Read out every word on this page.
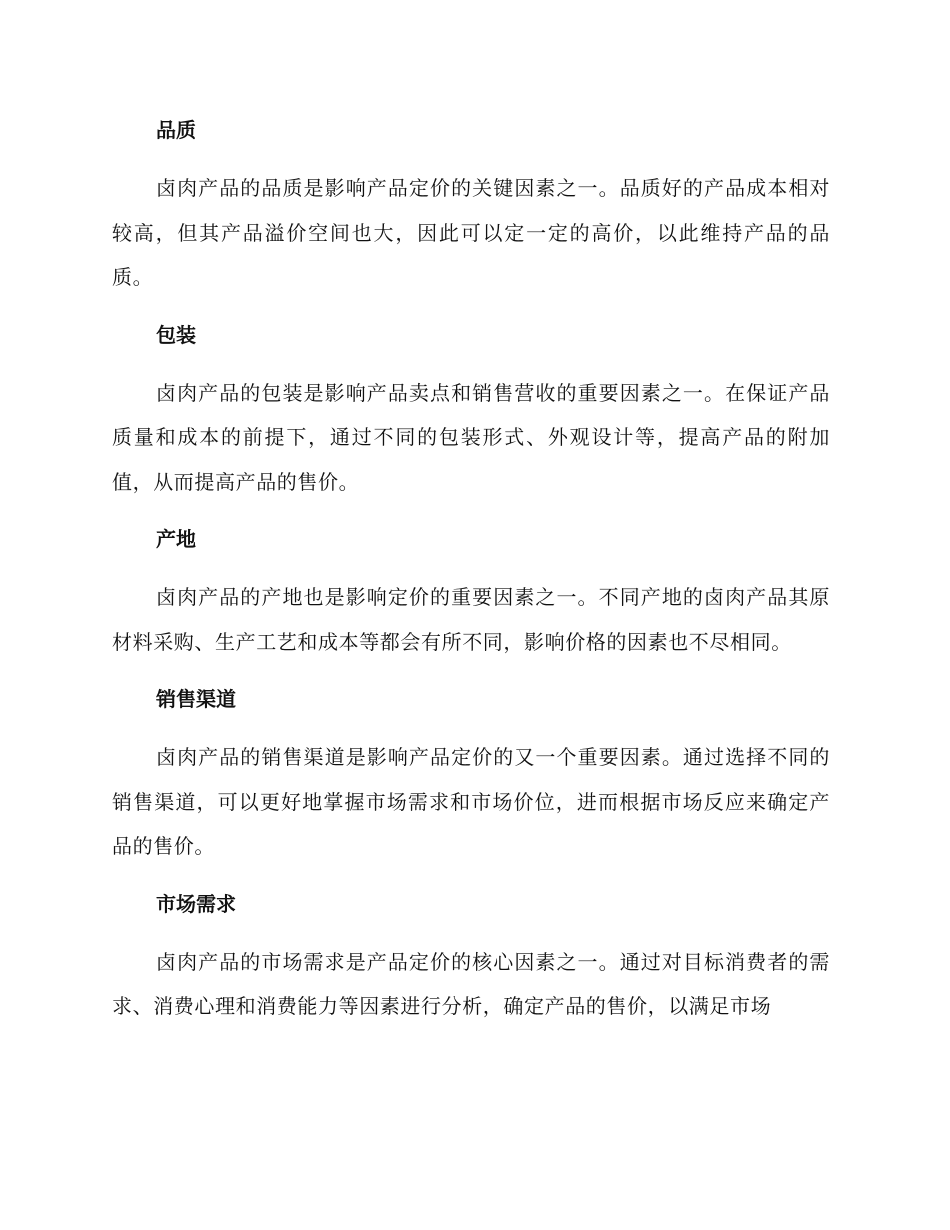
品质

卤肉产品的品质是影响产品定价的关键因素之一。品质好的产品成本相对较高，但其产品溢价空间也大，因此可以定一定的高价，以此维持产品的品质。

包装

卤肉产品的包装是影响产品卖点和销售营收的重要因素之一。在保证产品质量和成本的前提下，通过不同的包装形式、外观设计等，提高产品的附加值，从而提高产品的售价。

产地

卤肉产品的产地也是影响定价的重要因素之一。不同产地的卤肉产品其原材料采购、生产工艺和成本等都会有所不同，影响价格的因素也不尽相同。

销售渠道

卤肉产品的销售渠道是影响产品定价的又一个重要因素。通过选择不同的销售渠道，可以更好地掌握市场需求和市场价位，进而根据市场反应来确定产品的售价。

市场需求

卤肉产品的市场需求是产品定价的核心因素之一。通过对目标消费者的需求、消费心理和消费能力等因素进行分析，确定产品的售价，以满足市场
